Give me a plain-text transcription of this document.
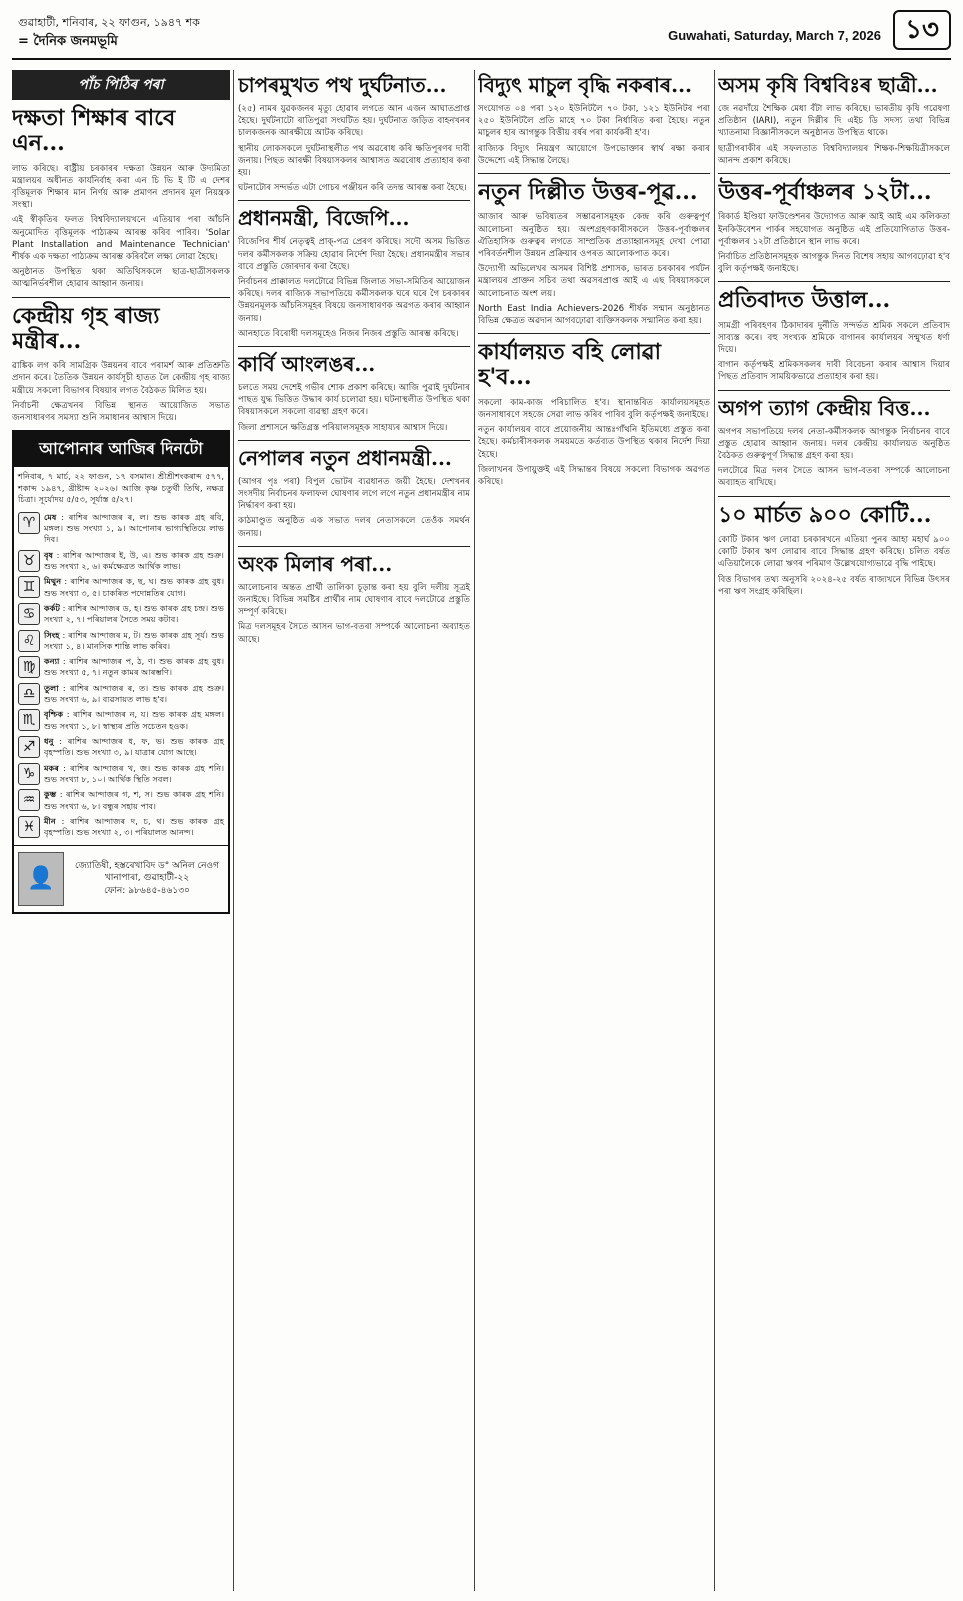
গুৱাহাটী, শনিবাৰ, ২২ ফাগুন, ১৯৪৭ শক
= দৈনিক জনমভূমি	Guwahati, Saturday, March 7, 2026 ১৩
পাঁচ পিঠিৰ পৰা
দক্ষতা শিক্ষাৰ বাবে এন...

লাভ কৰিছে। ৰাষ্ট্ৰীয় চৰকাৰৰ দক্ষতা উন্নয়ন আৰু উদ্যমিতা মন্ত্ৰালয়ৰ অধীনত কাৰ্যনিৰ্বাহ কৰা এন চি ভি ই টি এ দেশৰ বৃত্তিমূলক শিক্ষাৰ মান নিৰ্ণয় আৰু প্ৰমাণন প্ৰদানৰ মূল নিয়ন্ত্ৰক সংস্থা।

এই স্বীকৃতিৰ ফলত বিশ্ববিদ্যালয়খনে এতিয়াৰ পৰা আঁচনি অনুমোদিত বৃত্তিমূলক পাঠ্যক্ৰম আৰম্ভ কৰিব পাৰিব। 'Solar Plant Installation and Maintenance Technician' শীৰ্ষক এক দক্ষতা পাঠ্যক্ৰম আৰম্ভ কৰিবলৈ লক্ষ্য লোৱা হৈছে।

অনুষ্ঠানত উপস্থিত থকা অতিথিসকলে ছাত্ৰ-ছাত্ৰীসকলক আত্মনিৰ্ভৰশীল হোৱাৰ আহ্বান জনায়।

কেন্দ্ৰীয় গৃহ ৰাজ্য মন্ত্ৰীৰ...

ৱাঙ্কিক লগ কৰি সামগ্ৰিক উন্নয়নৰ বাবে পৰামৰ্শ আৰু প্ৰতিশ্ৰুতি প্ৰদান কৰে। তৈতিক উন্নয়ন কাৰ্যসূচী হাতত লৈ কেন্দ্ৰীয় গৃহ ৰাজ্য মন্ত্ৰীয়ে সকলো বিভাগৰ বিষয়াৰ লগত বৈঠকত মিলিত হয়।

নিৰ্বাচনী ক্ষেত্ৰখনৰ বিভিন্ন স্থানত আয়োজিত সভাত জনসাধাৰণৰ সমস্যা শুনি সমাধানৰ আশ্বাস দিয়ে।

আপোনাৰ আজিৰ দিনটো
শনিবাৰ, ৭ মাৰ্চ, ২২ ফাগুন, ১৭ বসমান। শ্ৰীশ্ৰীশংকৰাব্দ ৫৭৭, শকাব্দ ১৯৪৭, খ্ৰীষ্টাব্দ ২০২৬। আজি কৃষ্ণ চতুৰ্থী তিথি, নক্ষত্ৰ চিত্ৰা। সূৰ্যোদয় ৫/৫৩, সূৰ্যাস্ত ৫/২৭।
♈	মেষ : ৰাশিৰ আন্দাজৰ ৰ, ল। শুভ কাৰক গ্ৰহ ৰবি, মঙ্গল। শুভ সংখ্যা ১, ৯। আপোনাৰ ভাগ্যস্থিতিয়ে লাভ দিব।
♉	বৃষ : ৰাশিৰ আন্দাজৰ ই, উ, এ। শুভ কাৰক গ্ৰহ শুক্ৰ। শুভ সংখ্যা ২, ৬। কৰ্মক্ষেত্ৰত আৰ্থিক লাভ।
♊	মিথুন : ৰাশিৰ আন্দাজৰ ক, ছ, ঘ। শুভ কাৰক গ্ৰহ বুধ। শুভ সংখ্যা ৩, ৫। চাকৰিত পদোন্নতিৰ যোগ।
♋	কৰ্কট : ৰাশিৰ আন্দাজৰ ড, হ। শুভ কাৰক গ্ৰহ চন্দ্ৰ। শুভ সংখ্যা ২, ৭। পৰিয়ালৰ সৈতে সময় কটাব।
♌	সিংহ : ৰাশিৰ আন্দাজৰ ম, ট। শুভ কাৰক গ্ৰহ সূৰ্য। শুভ সংখ্যা ১, ৪। মানসিক শান্তি লাভ কৰিব।
♍	কন্যা : ৰাশিৰ আন্দাজৰ প, ঠ, ণ। শুভ কাৰক গ্ৰহ বুধ। শুভ সংখ্যা ৫, ৭। নতুন কামৰ আৰম্ভণি।
♎	তুলা : ৰাশিৰ আন্দাজৰ ৰ, ত। শুভ কাৰক গ্ৰহ শুক্ৰ। শুভ সংখ্যা ৬, ৯। ব্যৱসায়ত লাভ হ'ব।
♏	বৃশ্চিক : ৰাশিৰ আন্দাজৰ ন, য। শুভ কাৰক গ্ৰহ মঙ্গল। শুভ সংখ্যা ১, ৮। স্বাস্থ্যৰ প্ৰতি সচেতন হওক।
♐	ধনু : ৰাশিৰ আন্দাজৰ ধ, ফ, ভ। শুভ কাৰক গ্ৰহ বৃহস্পতি। শুভ সংখ্যা ৩, ৯। যাত্ৰাৰ যোগ আছে।
♑	মকৰ : ৰাশিৰ আন্দাজৰ খ, জ। শুভ কাৰক গ্ৰহ শনি। শুভ সংখ্যা ৮, ১০। আৰ্থিক স্থিতি সবল।
♒	কুম্ভ : ৰাশিৰ আন্দাজৰ গ, শ, স। শুভ কাৰক গ্ৰহ শনি। শুভ সংখ্যা ৬, ৮। বন্ধুৰ সহায় পাব।
♓	মীন : ৰাশিৰ আন্দাজৰ দ, চ, থ। শুভ কাৰক গ্ৰহ বৃহস্পতি। শুভ সংখ্যা ২, ৩। পৰিয়ালত আনন্দ।
👤	জ্যোতিষী, হস্তৰেখাবিদ ড° অনিল নেওগ
খানাপাৰা, গুৱাহাটী-২২
ফোন: ৯৮৬৪৫-৪৬১৩০
চাপৰমুখত পথ দুৰ্ঘটনাত...

(২৫) নামৰ যুৱকজনৰ মৃত্যু হোৱাৰ লগতে আন এজন আঘাতপ্ৰাপ্ত হৈছে। দুৰ্ঘটনাটো ৰাতিপুৱা সংঘটিত হয়। দুৰ্ঘটনাত জড়িত বাহনখনৰ চালকজনক আৰক্ষীয়ে আটক কৰিছে।

স্থানীয় লোকসকলে দুৰ্ঘটনাস্থলীত পথ অৱৰোধ কৰি ক্ষতিপূৰণৰ দাবী জনায়। পিছত আৰক্ষী বিষয়াসকলৰ আশ্বাসত অৱৰোধ প্ৰত্যাহাৰ কৰা হয়।

ঘটনাটোৰ সন্দৰ্ভত এটা গোচৰ পঞ্জীয়ন কৰি তদন্ত আৰম্ভ কৰা হৈছে।

প্ৰধানমন্ত্ৰী, বিজেপি...

বিজেপিৰ শীৰ্ষ নেতৃত্বই প্ৰাক্-পত্ৰ প্ৰেৰণ কৰিছে। সদৌ অসম ভিত্তিত দলৰ কৰ্মীসকলক সক্ৰিয় হোৱাৰ নিৰ্দেশ দিয়া হৈছে। প্ৰধানমন্ত্ৰীৰ সভাৰ বাবে প্ৰস্তুতি জোৰদাৰ কৰা হৈছে।

নিৰ্বাচনৰ প্ৰাক্কালত দলটোৱে বিভিন্ন জিলাত সভা-সমিতিৰ আয়োজন কৰিছে। দলৰ ৰাজ্যিক সভাপতিয়ে কৰ্মীসকলক ঘৰে ঘৰে গৈ চৰকাৰৰ উন্নয়নমূলক আঁচনিসমূহৰ বিষয়ে জনসাধাৰণক অৱগত কৰাৰ আহ্বান জনায়।

আনহাতে বিৰোধী দলসমূহেও নিজৰ নিজৰ প্ৰস্তুতি আৰম্ভ কৰিছে।

কাৰ্বি আংলঙৰ...

চলতে সময় দেশেই গভীৰ শোক প্ৰকাশ কৰিছে। আজি পুৱাই দুৰ্ঘটনাৰ পাছত যুদ্ধ ভিত্তিত উদ্ধাৰ কাৰ্য চলোৱা হয়। ঘটনাস্থলীত উপস্থিত থকা বিষয়াসকলে সকলো ব্যৱস্থা গ্ৰহণ কৰে।

জিলা প্ৰশাসনে ক্ষতিগ্ৰস্ত পৰিয়ালসমূহক সাহায্যৰ আশ্বাস দিয়ে।

নেপালৰ নতুন প্ৰধানমন্ত্ৰী...

(আগৰ পৃঃ পৰা) বিপুল ভোটৰ ব্যৱধানত জয়ী হৈছে। দেশখনৰ সংসদীয় নিৰ্বাচনৰ ফলাফল ঘোষণাৰ লগে লগে নতুন প্ৰধানমন্ত্ৰীৰ নাম নিৰ্দ্ধাৰণ কৰা হয়।

কাঠমাণ্ডুত অনুষ্ঠিত এক সভাত দলৰ নেতাসকলে তেওঁক সমৰ্থন জনায়।

অংক মিলাৰ পৰা...

আলোচনাৰ অন্তত প্ৰাৰ্থী তালিকা চূড়ান্ত কৰা হয় বুলি দলীয় সূত্ৰই জনাইছে। বিভিন্ন সমষ্টিৰ প্ৰাৰ্থীৰ নাম ঘোষণাৰ বাবে দলটোৱে প্ৰস্তুতি সম্পূৰ্ণ কৰিছে।

মিত্ৰ দলসমূহৰ সৈতে আসন ভাগ-বতৰা সম্পৰ্কে আলোচনা অব্যাহত আছে।

বিদ্যুৎ মাচুল বৃদ্ধি নকৰাৰ...

সংযোগত ০৪ পৰা ১২০ ইউনিটলৈ ৭০ টকা, ১২১ ইউনিটৰ পৰা ২৫০ ইউনিটলৈ প্ৰতি মাহে ৭০ টকা নিৰ্ধাৰিত কৰা হৈছে। নতুন মাচুলৰ হাৰ আগন্তুক বিত্তীয় বৰ্ষৰ পৰা কাৰ্যকৰী হ'ব।

ৰাজ্যিক বিদ্যুৎ নিয়ন্ত্ৰণ আয়োগে উপভোক্তাৰ স্বাৰ্থ ৰক্ষা কৰাৰ উদ্দেশ্যে এই সিদ্ধান্ত লৈছে।

নতুন দিল্লীত উত্তৰ-পূৱ...

আজাৰ আৰু ভবিষ্যতৰ সম্ভাৱনাসমূহক কেন্দ্ৰ কৰি গুৰুত্বপূৰ্ণ আলোচনা অনুষ্ঠিত হয়। অংশগ্ৰহণকাৰীসকলে উত্তৰ-পূৰ্বাঞ্চলৰ ঐতিহাসিক গুৰুত্বৰ লগতে সাম্প্ৰতিক প্ৰত্যাহ্বানসমূহ দেখা পোৱা পৰিবৰ্তনশীল উন্নয়ন প্ৰক্ৰিয়াৰ ওপৰত আলোকপাত কৰে।

উদ্যোগী অভিলেখৰ অসমৰ বিশিষ্ট প্ৰশাসক, ভাৰত চৰকাৰৰ পৰ্যটন মন্ত্ৰালয়ৰ প্ৰাক্তন সচিব তথা অৱসৰপ্ৰাপ্ত আই এ এছ বিষয়াসকলে আলোচনাত অংশ লয়।

North East India Achievers-2026 শীৰ্ষক সন্মান অনুষ্ঠানত বিভিন্ন ক্ষেত্ৰত অৱদান আগবঢ়োৱা ব্যক্তিসকলক সন্মানিত কৰা হয়।

কাৰ্যালয়ত বহি লোৱা হ'ব...

সকলো কাম-কাজ পৰিচালিত হ'ব। স্থানান্তৰিত কাৰ্যালয়সমূহত জনসাধাৰণে সহজে সেৱা লাভ কৰিব পাৰিব বুলি কৰ্তৃপক্ষই জনাইছে।

নতুন কাৰ্যালয়ৰ বাবে প্ৰয়োজনীয় আন্তঃগাঁথনি ইতিমধ্যে প্ৰস্তুত কৰা হৈছে। কৰ্মচাৰীসকলক সময়মতে কৰ্তব্যত উপস্থিত থকাৰ নিৰ্দেশ দিয়া হৈছে।

জিলাখনৰ উপায়ুক্তই এই সিদ্ধান্তৰ বিষয়ে সকলো বিভাগক অৱগত কৰিছে।

অসম কৃষি বিশ্ববিঃৰ ছাত্ৰী...

জে নৱদাঁয়ে শৈক্ষিক মেধা বঁটা লাভ কৰিছে। ভাৰতীয় কৃষি গৱেষণা প্ৰতিষ্ঠান (IARI), নতুন দিল্লীৰ দি এইচ ডি সদস্য তথা বিভিন্ন খ্যাতনামা বিজ্ঞানীসকলে অনুষ্ঠানত উপস্থিত থাকে।

ছাত্ৰীগৰাকীৰ এই সফলতাত বিশ্ববিদ্যালয়ৰ শিক্ষক-শিক্ষয়িত্ৰীসকলে আনন্দ প্ৰকাশ কৰিছে।

উত্তৰ-পূৰ্বাঞ্চলৰ ১২টা...

ৰিকাৰ্ড ইণ্ডিয়া ফাউণ্ডেশনৰ উদ্যোগত আৰু আই আই এম কলিকতা ইনকিউবেশন পাৰ্কৰ সহযোগত অনুষ্ঠিত এই প্ৰতিযোগিতাত উত্তৰ-পূৰ্বাঞ্চলৰ ১২টা প্ৰতিষ্ঠানে স্থান লাভ কৰে।

নিৰ্বাচিত প্ৰতিষ্ঠানসমূহক আগন্তুক দিনত বিশেষ সহায় আগবঢ়োৱা হ'ব বুলি কৰ্তৃপক্ষই জনাইছে।

প্ৰতিবাদত উত্তাল...

সামগ্ৰী পৰিবহণৰ ঠিকাদাৰৰ দুৰ্নীতি সন্দৰ্ভত শ্ৰমিক সকলে প্ৰতিবাদ সাব্যস্ত কৰে। বহু সংখ্যক শ্ৰমিকে বাগানৰ কাৰ্যালয়ৰ সন্মুখত ধৰ্ণা দিয়ে।

বাগান কৰ্তৃপক্ষই শ্ৰমিকসকলৰ দাবী বিবেচনা কৰাৰ আশ্বাস দিয়াৰ পিছত প্ৰতিবাদ সাময়িকভাৱে প্ৰত্যাহাৰ কৰা হয়।

অগপ ত্যাগ কেন্দ্ৰীয় বিত্ত...

অগপৰ সভাপতিয়ে দলৰ নেতা-কৰ্মীসকলক আগন্তুক নিৰ্বাচনৰ বাবে প্ৰস্তুত হোৱাৰ আহ্বান জনায়। দলৰ কেন্দ্ৰীয় কাৰ্যালয়ত অনুষ্ঠিত বৈঠকত গুৰুত্বপূৰ্ণ সিদ্ধান্ত গ্ৰহণ কৰা হয়।

দলটোৱে মিত্ৰ দলৰ সৈতে আসন ভাগ-বতৰা সম্পৰ্কে আলোচনা অব্যাহত ৰাখিছে।

১০ মাৰ্চত ৯০০ কোটি...

কোটি টকাৰ ঋণ লোৱা চৰকাৰখনে এতিয়া পুনৰ আহা মহাৰ্ঘ ৯০০ কোটি টকাৰ ঋণ লোৱাৰ বাবে সিদ্ধান্ত গ্ৰহণ কৰিছে। চলিত বৰ্ষত এতিয়ালৈকে লোৱা ঋণৰ পৰিমাণ উল্লেখযোগ্যভাৱে বৃদ্ধি পাইছে।

বিত্ত বিভাগৰ তথ্য অনুসৰি ২০২৪-২৫ বৰ্ষত ৰাজ্যখনে বিভিন্ন উৎসৰ পৰা ঋণ সংগ্ৰহ কৰিছিল।
